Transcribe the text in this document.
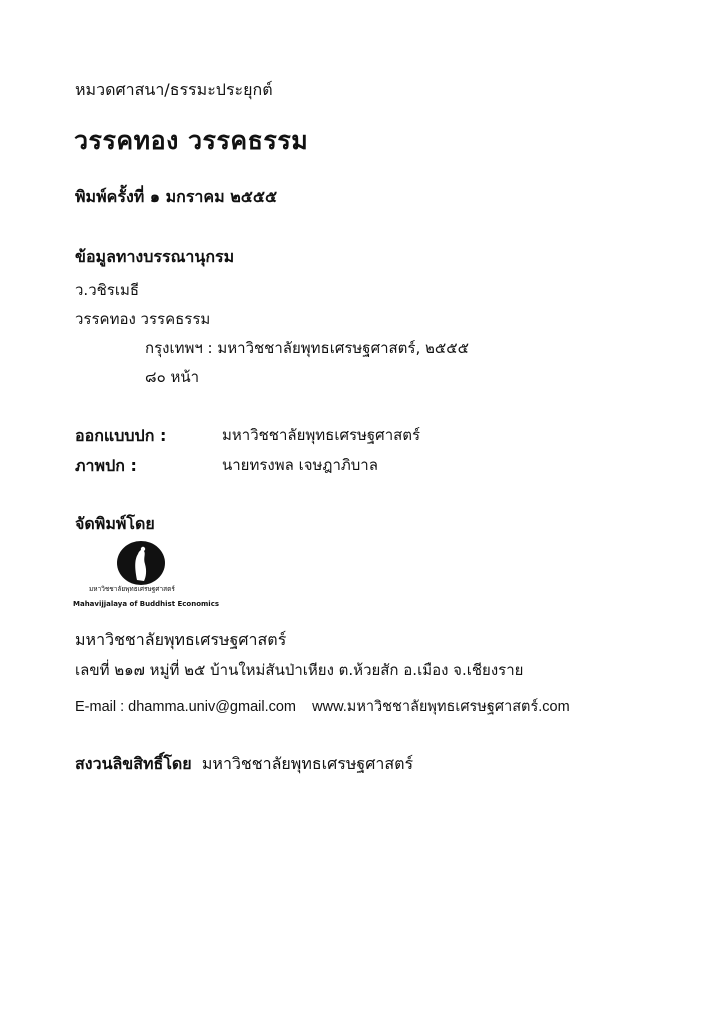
หมวดศาสนา/ธรรมะประยุกต์
วรรคทอง วรรคธรรม
พิมพ์ครั้งที่ ๑ มกราคม ๒๕๕๕
ข้อมูลทางบรรณานุกรม
ว.วชิรเมธี
วรรคทอง วรรคธรรม
กรุงเทพฯ : มหาวิชชาลัยพุทธเศรษฐศาสตร์, ๒๕๕๕
๘๐ หน้า
ออกแบบปก :	มหาวิชชาลัยพุทธเศรษฐศาสตร์
ภาพปก :	นายทรงพล เจษฎาภิบาล
จัดพิมพ์โดย
มหาวิชชาลัยพุทธเศรษฐศาสตร์
Mahavijjalaya of Buddhist Economics
มหาวิชชาลัยพุทธเศรษฐศาสตร์
เลขที่ ๒๑๗ หมู่ที่ ๒๕ บ้านใหม่สันป่าเหียง ต.ห้วยสัก อ.เมือง จ.เชียงราย
E-mail : dhamma.univ@gmail.com www.มหาวิชชาลัยพุทธเศรษฐศาสตร์.com
สงวนลิขสิทธิ์โดย มหาวิชชาลัยพุทธเศรษฐศาสตร์
